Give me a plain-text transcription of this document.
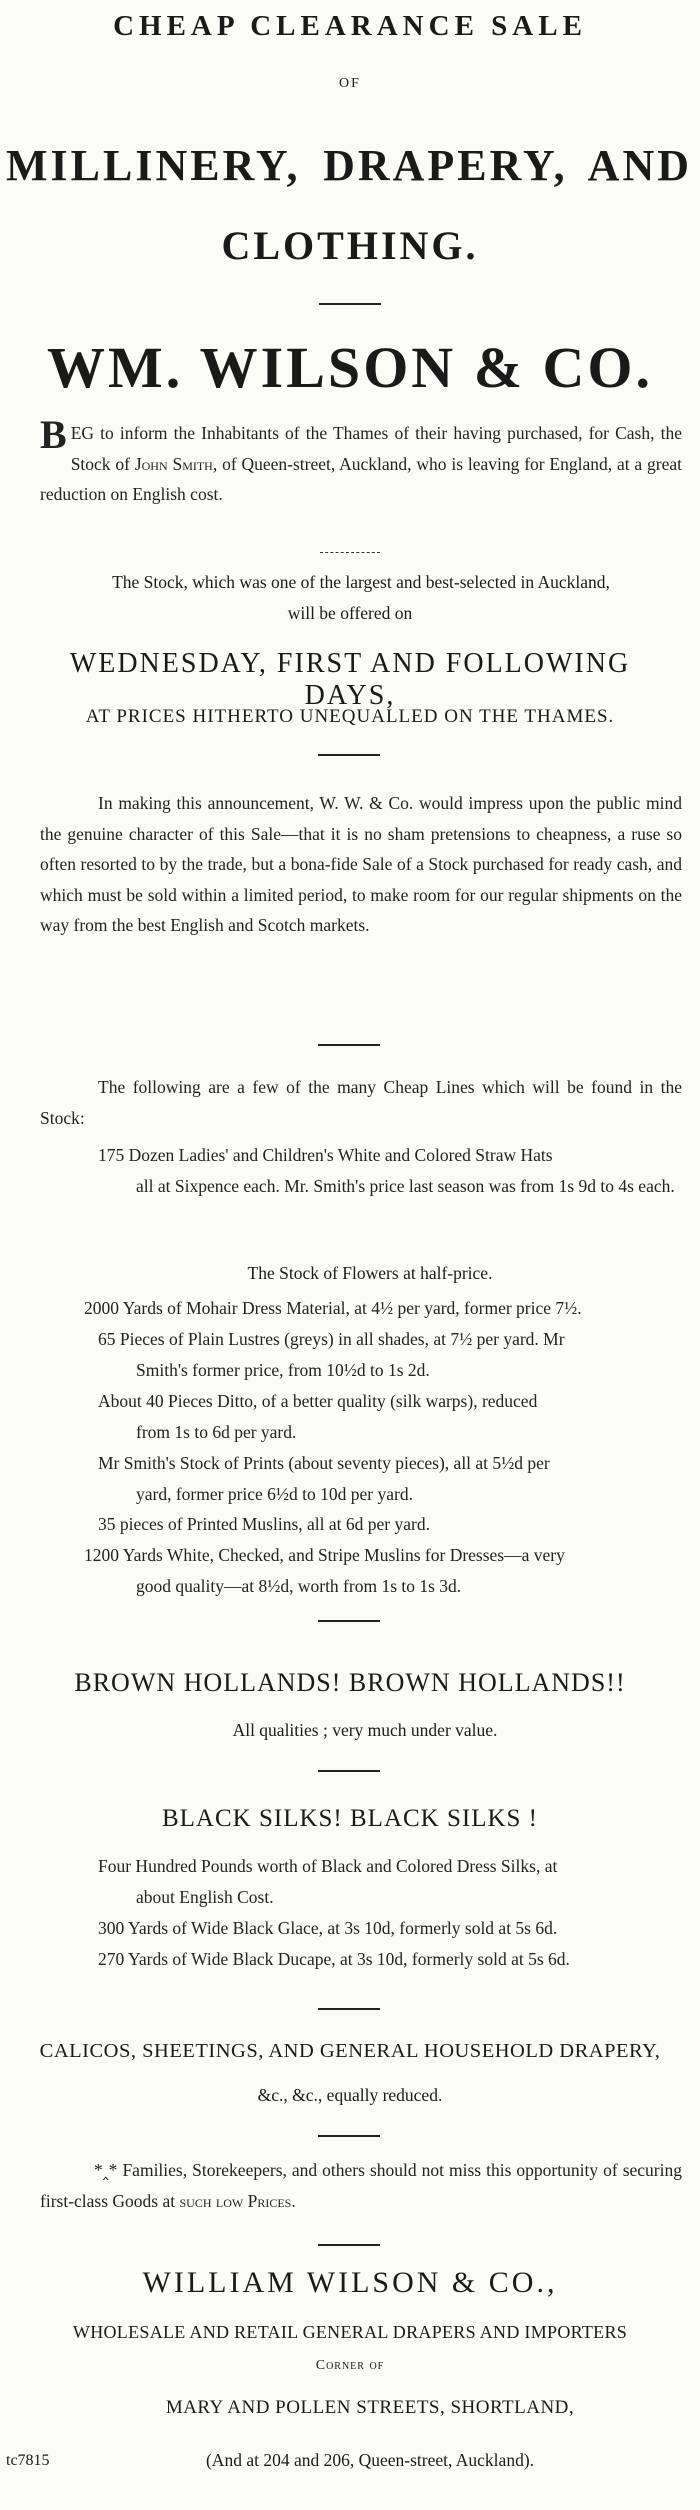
CHEAP CLEARANCE SALE
OF
MILLINERY, DRAPERY, AND
CLOTHING.
WM. WILSON & CO.
BEG to inform the Inhabitants of the Thames of their having purchased, for Cash, the Stock of John Smith, of Queen-street, Auckland, who is leaving for England, at a great reduction on English cost.
The Stock, which was one of the largest and best-selected in Auckland,
will be offered on
WEDNESDAY, FIRST AND FOLLOWING DAYS,
AT PRICES HITHERTO UNEQUALLED ON THE THAMES.
In making this announcement, W. W. & Co. would impress upon the public mind the genuine character of this Sale—that it is no sham pretensions to cheapness, a ruse so often resorted to by the trade, but a bona-fide Sale of a Stock purchased for ready cash, and which must be sold within a limited period, to make room for our regular shipments on the way from the best English and Scotch markets.
The following are a few of the many Cheap Lines which will be found in the Stock:
175 Dozen Ladies' and Children's White and Colored Straw Hats
all at Sixpence each. Mr. Smith's price last season was from 1s 9d to 4s each.
The Stock of Flowers at half-price.
2000 Yards of Mohair Dress Material, at 4½ per yard, former price 7½.
65 Pieces of Plain Lustres (greys) in all shades, at 7½ per yard. Mr
Smith's former price, from 10½d to 1s 2d.
About 40 Pieces Ditto, of a better quality (silk warps), reduced
from 1s to 6d per yard.
Mr Smith's Stock of Prints (about seventy pieces), all at 5½d per
yard, former price 6½d to 10d per yard.
35 pieces of Printed Muslins, all at 6d per yard.
1200 Yards White, Checked, and Stripe Muslins for Dresses—a very
good quality—at 8½d, worth from 1s to 1s 3d.
BROWN HOLLANDS! BROWN HOLLANDS!!
All qualities ; very much under value.
BLACK SILKS! BLACK SILKS !
Four Hundred Pounds worth of Black and Colored Dress Silks, at
about English Cost.
300 Yards of Wide Black Glace, at 3s 10d, formerly sold at 5s 6d.
270 Yards of Wide Black Ducape, at 3s 10d, formerly sold at 5s 6d.
CALICOS, SHEETINGS, AND GENERAL HOUSEHOLD DRAPERY,
&c., &c., equally reduced.
*‸* Families, Storekeepers, and others should not miss this opportunity of securing first-class Goods at such low Prices.
WILLIAM WILSON & CO.,
WHOLESALE AND RETAIL GENERAL DRAPERS AND IMPORTERS
Corner of
MARY AND POLLEN STREETS, SHORTLAND,
tc7815	(And at 204 and 206, Queen-street, Auckland).
